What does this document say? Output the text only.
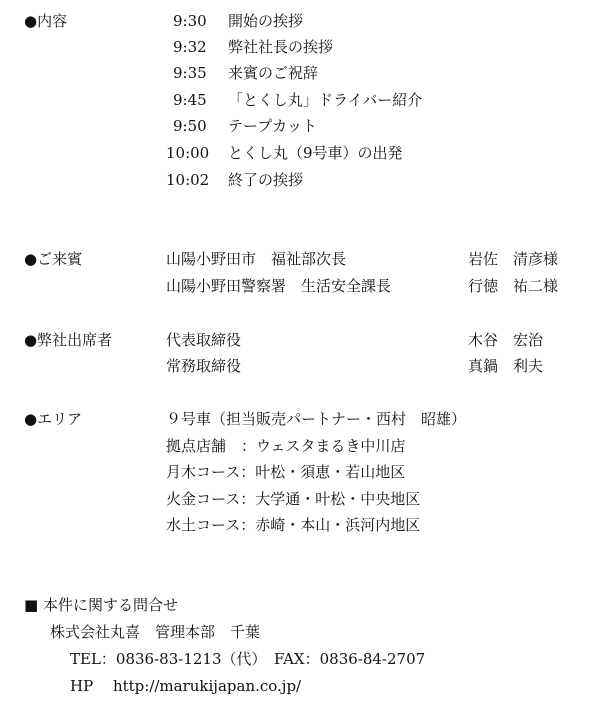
●内容	9:30 開始の挨拶
9:32 弊社社長の挨拶
9:35 来賓のご祝辞
9:45 「とくし丸」ドライバー紹介
9:50 テープカット
10:00 とくし丸（9号車）の出発
10:02 終了の挨拶
●ご来賓	山陽小野田市　福祉部次長	岩佐　清彦様
山陽小野田警察署　生活安全課長	行徳　祐二様
●弊社出席者	代表取締役	木谷　宏治
常務取締役	真鍋　利夫
●エリア	９号車（担当販売パートナー・西村　昭雄）
拠点店舗　：ウェスタまるき中川店
月木コース：叶松・須恵・若山地区
火金コース：大学通・叶松・中央地区
水土コース：赤崎・本山・浜河内地区
■ 本件に関する問合せ
株式会社丸喜　管理本部　千葉
TEL：0836-83-1213（代）　FAX：0836-84-2707
HP　 http://marukijapan.co.jp/
